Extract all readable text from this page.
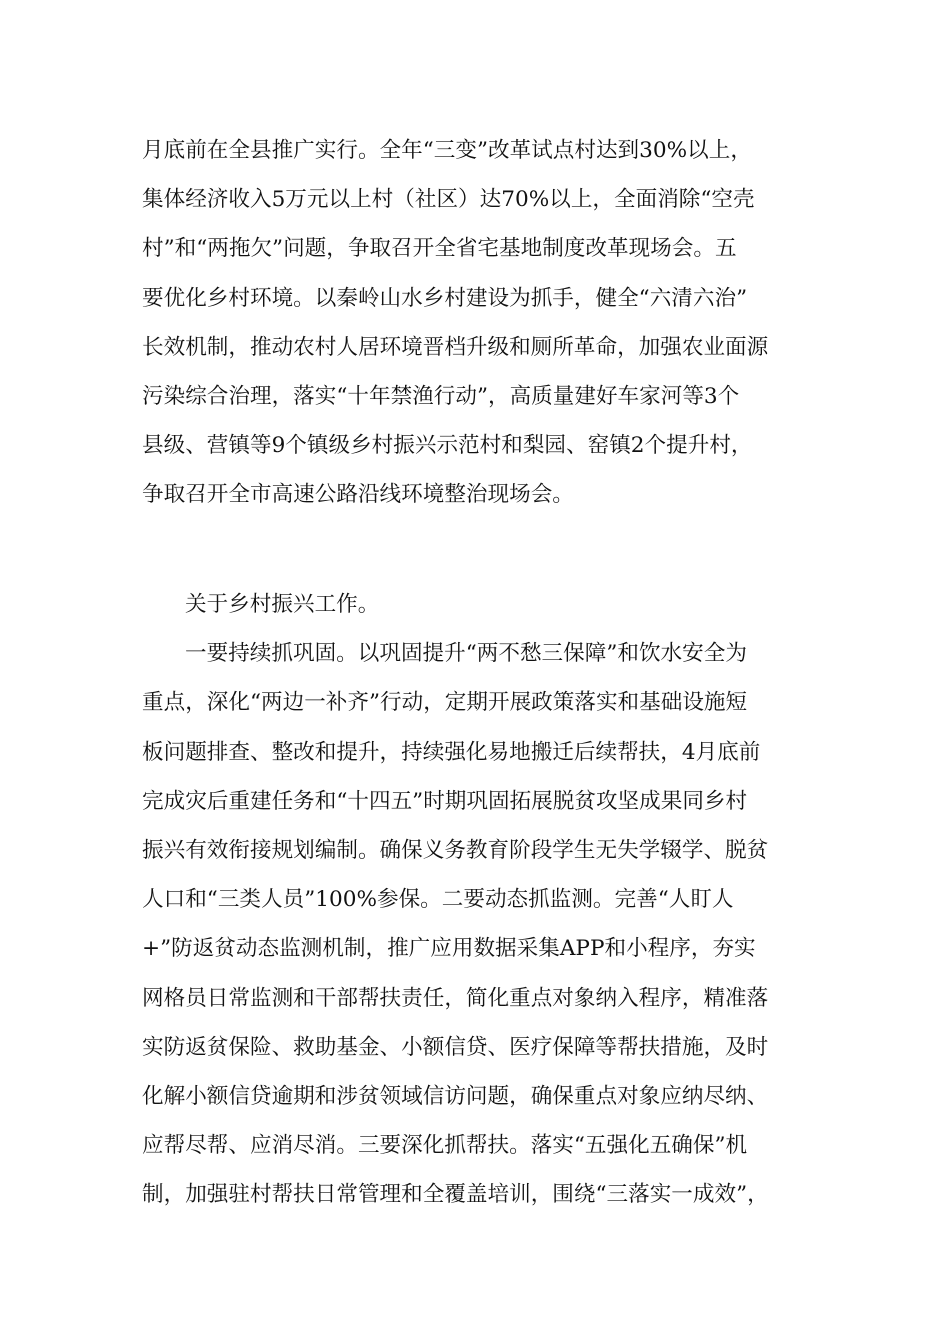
月底前在全县推广实行。全年“三变”改革试点村达到30%以上，
集体经济收入5万元以上村（社区）达70%以上，全面消除“空壳
村”和“两拖欠”问题，争取召开全省宅基地制度改革现场会。五
要优化乡村环境。以秦岭山水乡村建设为抓手，健全“六清六治”
长效机制，推动农村人居环境晋档升级和厕所革命，加强农业面源
污染综合治理，落实“十年禁渔行动”，高质量建好车家河等3个
县级、营镇等9个镇级乡村振兴示范村和梨园、窑镇2个提升村，
争取召开全市高速公路沿线环境整治现场会。
关于乡村振兴工作。
一要持续抓巩固。以巩固提升“两不愁三保障”和饮水安全为
重点，深化“两边一补齐”行动，定期开展政策落实和基础设施短
板问题排查、整改和提升，持续强化易地搬迁后续帮扶，4月底前
完成灾后重建任务和“十四五”时期巩固拓展脱贫攻坚成果同乡村
振兴有效衔接规划编制。确保义务教育阶段学生无失学辍学、脱贫
人口和“三类人员”100%参保。二要动态抓监测。完善“人盯人
+”防返贫动态监测机制，推广应用数据采集APP和小程序，夯实
网格员日常监测和干部帮扶责任，简化重点对象纳入程序，精准落
实防返贫保险、救助基金、小额信贷、医疗保障等帮扶措施，及时
化解小额信贷逾期和涉贫领域信访问题，确保重点对象应纳尽纳、
应帮尽帮、应消尽消。三要深化抓帮扶。落实“五强化五确保”机
制，加强驻村帮扶日常管理和全覆盖培训，围绕“三落实一成效”，
